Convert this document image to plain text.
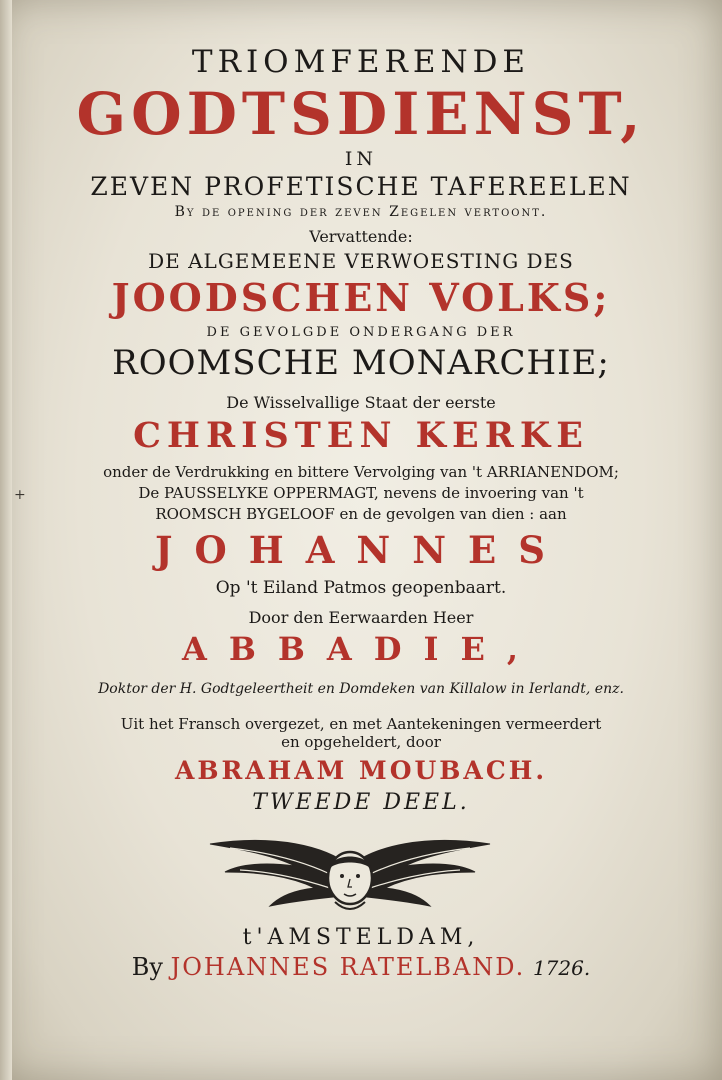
+
TRIOMFERENDE
GODTSDIENST,
IN
ZEVEN PROFETISCHE TAFEREELEN
By de opening der zeven Zegelen vertoont.
Vervattende:
DE ALGEMEENE VERWOESTING DES
JOODSCHEN VOLKS;
DE GEVOLGDE ONDERGANG DER
ROOMSCHE MONARCHIE;
De Wisselvallige Staat der eerste
CHRISTEN KERKE
onder de Verdrukking en bittere Vervolging van 't ARRIANENDOM;
De PAUSSELYKE OPPERMAGT, nevens de invoering van 't
ROOMSCH BYGELOOF en de gevolgen van dien : aan
JOHANNES
Op 't Eiland Patmos geopenbaart.
Door den Eerwaarden Heer
ABBADIE,
Doktor der H. Godtgeleertheit en Domdeken van Killalow in Ierlandt, enz.
Uit het Fransch overgezet, en met Aantekeningen vermeerdert
en opgeheldert, door
ABRAHAM MOUBACH.
TWEEDE DEEL.
t'AMSTELDAM,
By JOHANNES RATELBAND. 1726.
